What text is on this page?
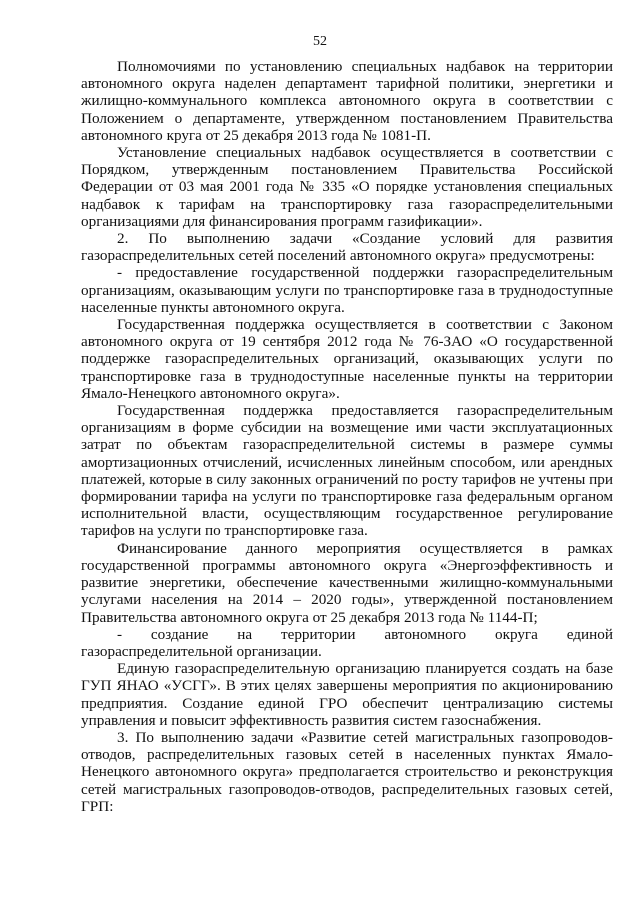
52

Полномочиями по установлению специальных надбавок на территории автономного округа наделен департамент тарифной политики, энергетики и жилищно-коммунального комплекса автономного округа в соответствии с Положением о департаменте, утвержденном постановлением Правительства автономного круга от 25 декабря 2013 года № 1081-П.

Установление специальных надбавок осуществляется в соответствии с Порядком, утвержденным постановлением Правительства Российской Федерации от 03 мая 2001 года № 335 «О порядке установления специальных надбавок к тарифам на транспортировку газа газораспределительными организациями для финансирования программ газификации».

2. По выполнению задачи «Создание условий для развития газораспределительных сетей поселений автономного округа» предусмотрены:

- предоставление государственной поддержки газораспределительным организациям, оказывающим услуги по транспортировке газа в труднодоступные населенные пункты автономного округа.

Государственная поддержка осуществляется в соответствии с Законом автономного округа от 19 сентября 2012 года № 76-ЗАО «О государственной поддержке газораспределительных организаций, оказывающих услуги по транспортировке газа в труднодоступные населенные пункты на территории Ямало-Ненецкого автономного округа».

Государственная поддержка предоставляется газораспределительным организациям в форме субсидии на возмещение ими части эксплуатационных затрат по объектам газораспределительной системы в размере суммы амортизационных отчислений, исчисленных линейным способом, или арендных платежей, которые в силу законных ограничений по росту тарифов не учтены при формировании тарифа на услуги по транспортировке газа федеральным органом исполнительной власти, осуществляющим государственное регулирование тарифов на услуги по транспортировке газа.

Финансирование данного мероприятия осуществляется в рамках государственной программы автономного округа «Энергоэффективность и развитие энергетики, обеспечение качественными жилищно-коммунальными услугами населения на 2014 – 2020 годы», утвержденной постановлением Правительства автономного округа от 25 декабря 2013 года № 1144-П;

- создание на территории автономного округа единой газораспределительной организации.

Единую газораспределительную организацию планируется создать на базе ГУП ЯНАО «УСГГ». В этих целях завершены мероприятия по акционированию предприятия. Создание единой ГРО обеспечит централизацию системы управления и повысит эффективность развития систем газоснабжения.

3. По выполнению задачи «Развитие сетей магистральных газопроводов-отводов, распределительных газовых сетей в населенных пунктах Ямало-Ненецкого автономного округа» предполагается строительство и реконструкция сетей магистральных газопроводов-отводов, распределительных газовых сетей, ГРП:
